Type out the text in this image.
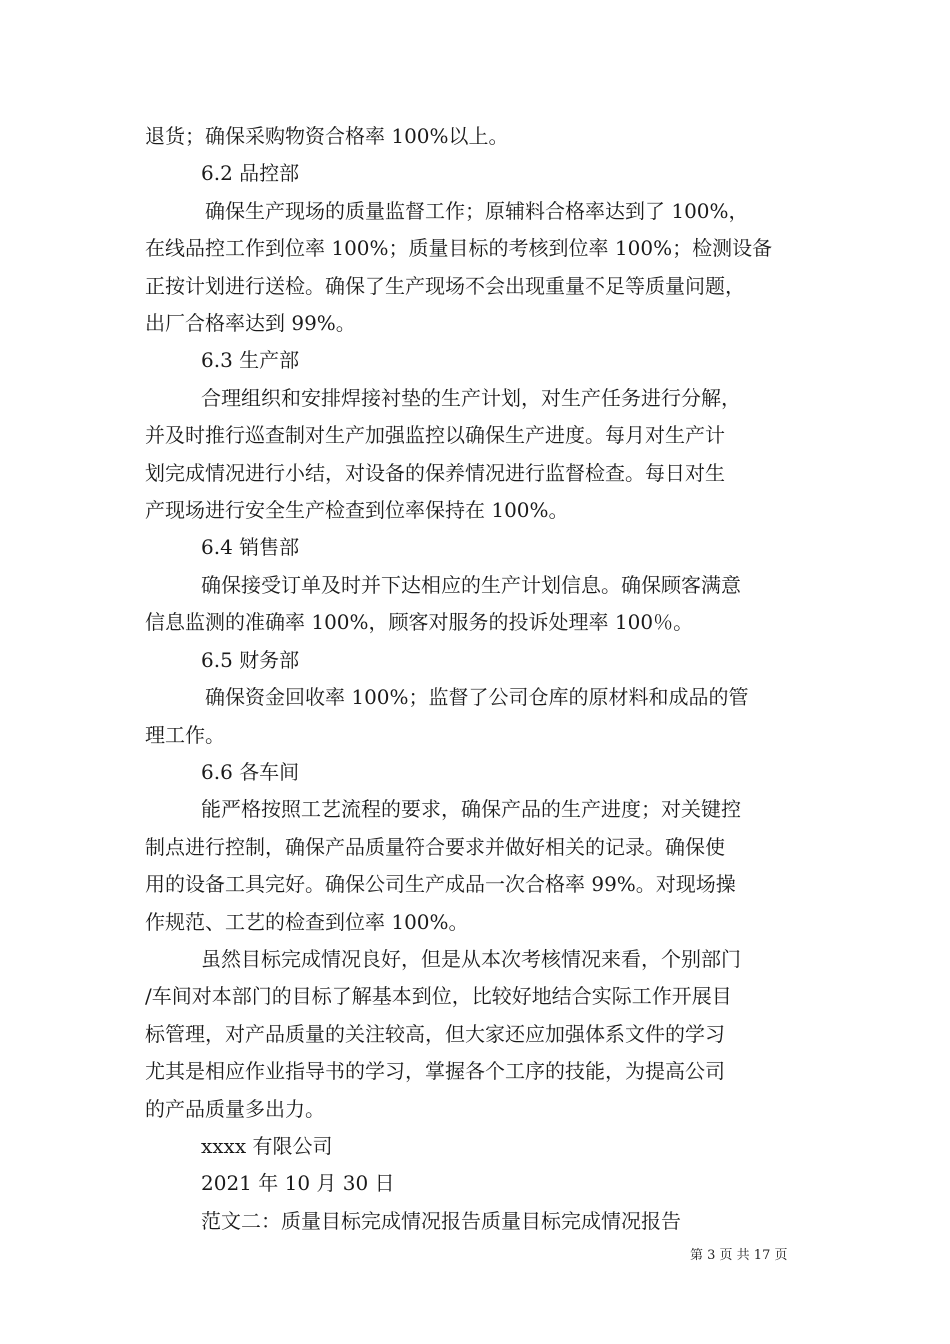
退货；确保采购物资合格率 100%以上。

6.2 品控部

确保生产现场的质量监督工作；原辅料合格率达到了 100%，

在线品控工作到位率 100%；质量目标的考核到位率 100%；检测设备

正按计划进行送检。确保了生产现场不会出现重量不足等质量问题，

出厂合格率达到 99%。

6.3 生产部

合理组织和安排焊接衬垫的生产计划，对生产任务进行分解，

并及时推行巡查制对生产加强监控以确保生产进度。每月对生产计

划完成情况进行小结，对设备的保养情况进行监督检查。每日对生

产现场进行安全生产检查到位率保持在 100%。

6.4 销售部

确保接受订单及时并下达相应的生产计划信息。确保顾客满意

信息监测的准确率 100%，顾客对服务的投诉处理率 100％。

6.5 财务部

确保资金回收率 100%；监督了公司仓库的原材料和成品的管

理工作。

6.6 各车间

能严格按照工艺流程的要求，确保产品的生产进度；对关键控

制点进行控制，确保产品质量符合要求并做好相关的记录。确保使

用的设备工具完好。确保公司生产成品一次合格率 99%。对现场操

作规范、工艺的检查到位率 100%。

虽然目标完成情况良好，但是从本次考核情况来看，个别部门

/车间对本部门的目标了解基本到位，比较好地结合实际工作开展目

标管理，对产品质量的关注较高，但大家还应加强体系文件的学习

尤其是相应作业指导书的学习，掌握各个工序的技能，为提高公司

的产品质量多出力。

xxxx 有限公司

2021 年 10 月 30 日

范文二：质量目标完成情况报告质量目标完成情况报告

第 3 页 共 17 页
